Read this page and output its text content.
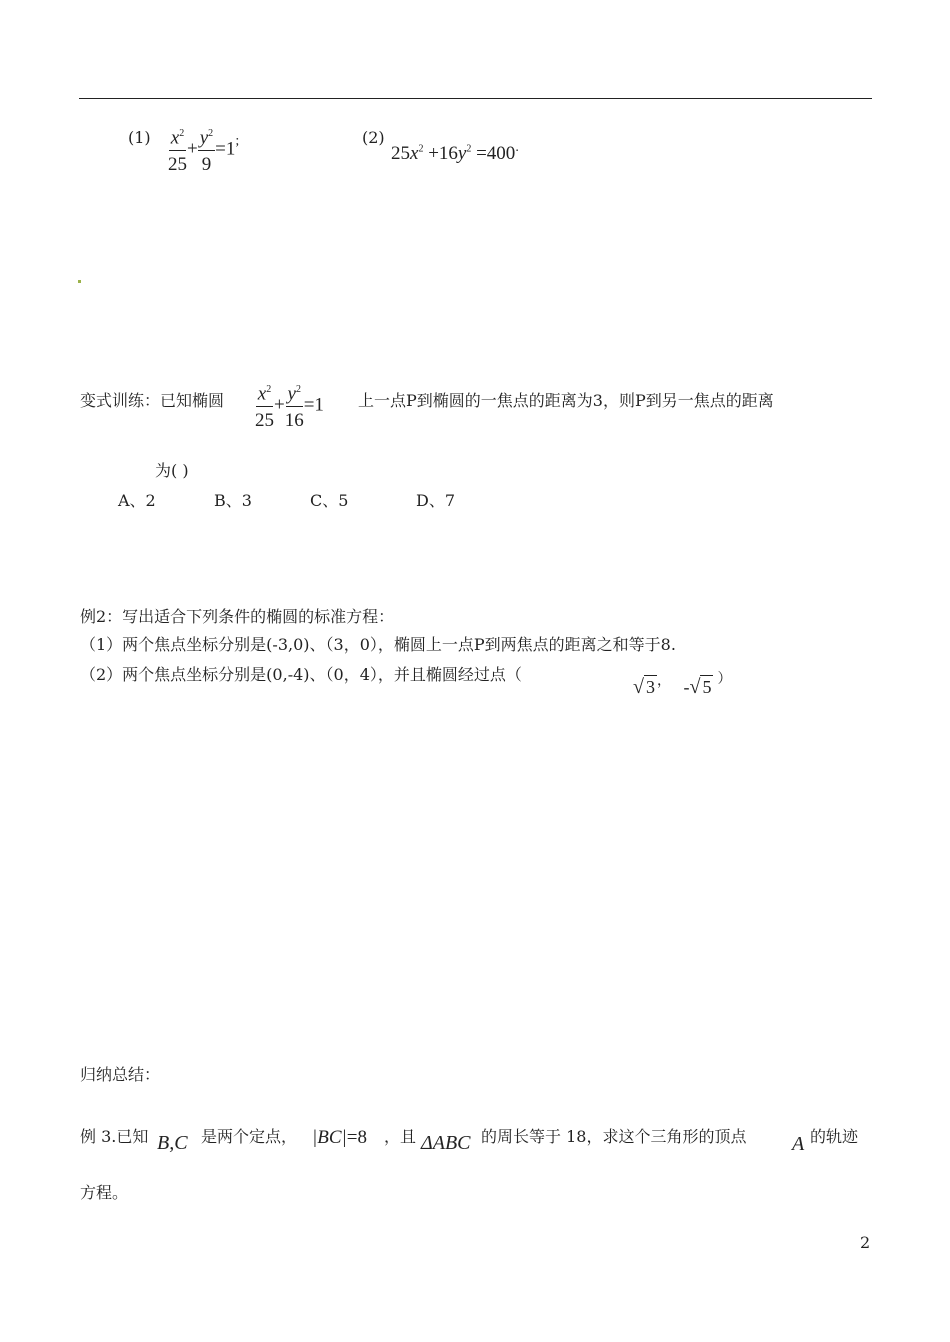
$(1) \frac{x^2}{25} + \frac{y^2}{9} =1^;$	(2)
$25x^2 +16y^2 =400^.$
变式训练：已知椭圆 $\frac{x^2}{25} + \frac{y^2}{16} =1$ 上一点P到椭圆的一焦点的距离为3，则P到另一焦点的距离
为( )
A、2	B、3	C、5	D、7
例2：写出适合下列条件的椭圆的标准方程：
（1）两个焦点坐标分别是(-3,0)、（3，0），椭圆上一点P到两焦点的距离之和等于8.
（2）两个焦点坐标分别是(0,-4)、（0，4），并且椭圆经过点（
√ 3 ， - √ 5 ）
归纳总结：
例 3.已知 B,C 是两个定点， |BC|=8 ，且 ΔABC 的周长等于 18，求这个三角形的顶点 A 的轨迹
方程。
2
